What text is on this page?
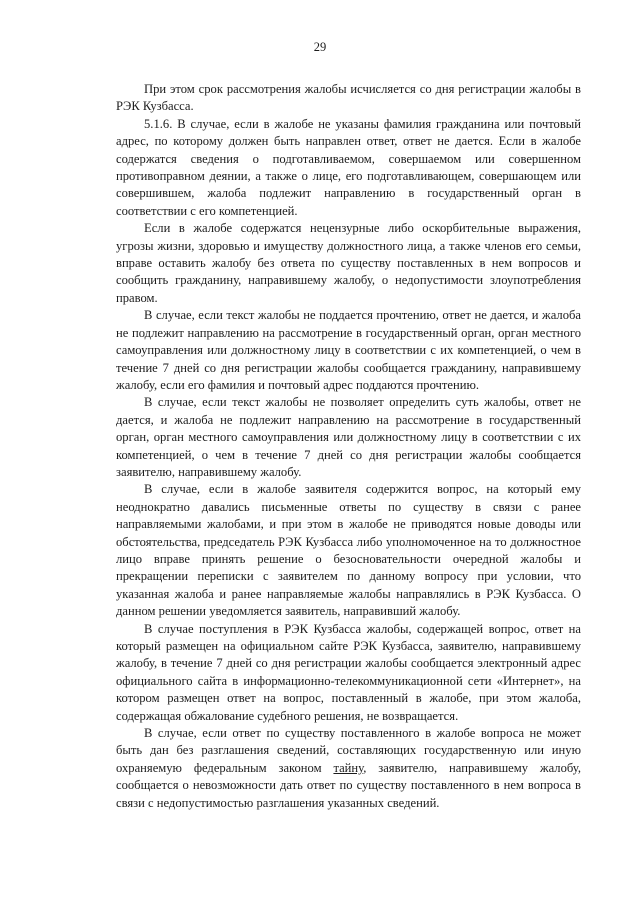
29

При этом срок рассмотрения жалобы исчисляется со дня регистрации жалобы в РЭК Кузбасса.

5.1.6. В случае, если в жалобе не указаны фамилия гражданина или почтовый адрес, по которому должен быть направлен ответ, ответ не дается. Если в жалобе содержатся сведения о подготавливаемом, совершаемом или совершенном противоправном деянии, а также о лице, его подготавливающем, совершающем или совершившем, жалоба подлежит направлению в государственный орган в соответствии с его компетенцией.

Если в жалобе содержатся нецензурные либо оскорбительные выражения, угрозы жизни, здоровью и имуществу должностного лица, а также членов его семьи, вправе оставить жалобу без ответа по существу поставленных в нем вопросов и сообщить гражданину, направившему жалобу, о недопустимости злоупотребления правом.

В случае, если текст жалобы не поддается прочтению, ответ не дается, и жалоба не подлежит направлению на рассмотрение в государственный орган, орган местного самоуправления или должностному лицу в соответствии с их компетенцией, о чем в течение 7 дней со дня регистрации жалобы сообщается гражданину, направившему жалобу, если его фамилия и почтовый адрес поддаются прочтению.

В случае, если текст жалобы не позволяет определить суть жалобы, ответ не дается, и жалоба не подлежит направлению на рассмотрение в государственный орган, орган местного самоуправления или должностному лицу в соответствии с их компетенцией, о чем в течение 7 дней со дня регистрации жалобы сообщается заявителю, направившему жалобу.

В случае, если в жалобе заявителя содержится вопрос, на который ему неоднократно давались письменные ответы по существу в связи с ранее направляемыми жалобами, и при этом в жалобе не приводятся новые доводы или обстоятельства, председатель РЭК Кузбасса либо уполномоченное на то должностное лицо вправе принять решение о безосновательности очередной жалобы и прекращении переписки с заявителем по данному вопросу при условии, что указанная жалоба и ранее направляемые жалобы направлялись в РЭК Кузбасса. О данном решении уведомляется заявитель, направивший жалобу.

В случае поступления в РЭК Кузбасса жалобы, содержащей вопрос, ответ на который размещен на официальном сайте РЭК Кузбасса, заявителю, направившему жалобу, в течение 7 дней со дня регистрации жалобы сообщается электронный адрес официального сайта в информационно-телекоммуникационной сети «Интернет», на котором размещен ответ на вопрос, поставленный в жалобе, при этом жалоба, содержащая обжалование судебного решения, не возвращается.

В случае, если ответ по существу поставленного в жалобе вопроса не может быть дан без разглашения сведений, составляющих государственную или иную охраняемую федеральным законом тайну, заявителю, направившему жалобу, сообщается о невозможности дать ответ по существу поставленного в нем вопроса в связи с недопустимостью разглашения указанных сведений.
